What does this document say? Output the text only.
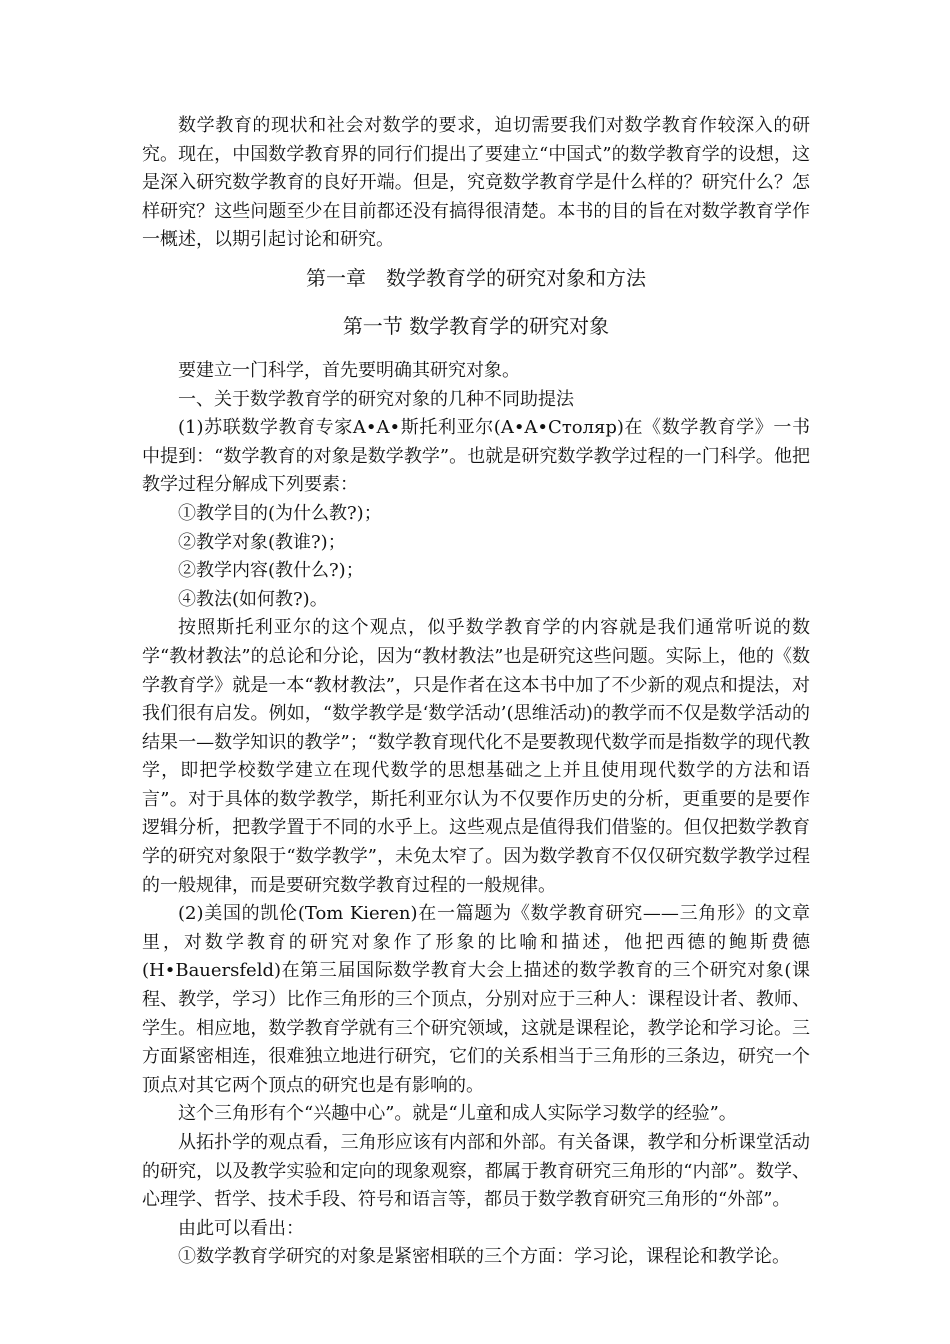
数学教育的现状和社会对数学的要求，迫切需要我们对数学教育作较深入的研究。现在，中国数学教育界的同行们提出了要建立“中国式”的数学教育学的设想，这是深入研究数学教育的良好开端。但是，究竟数学教育学是什么样的？研究什么？怎样研究？这些问题至少在目前都还没有搞得很清楚。本书的目的旨在对数学教育学作一概述，以期引起讨论和研究。

第一章　数学教育学的研究对象和方法
第一节 数学教育学的研究对象

要建立一门科学，首先要明确其研究对象。

一、关于数学教育学的研究对象的几种不同助提法

(1)苏联数学教育专家A•A•斯托利亚尔(A•A•Столяр)在《数学教育学》一书中提到：“数学教育的对象是数学教学”。也就是研究数学教学过程的一门科学。他把教学过程分解成下列要素：

①教学目的(为什么教?)；

②教学对象(教谁?)；

②教学内容(教什么?)；

④教法(如何教?)。

按照斯托利亚尔的这个观点，似乎数学教育学的内容就是我们通常听说的数学“教材教法”的总论和分论，因为“教材教法”也是研究这些问题。实际上，他的《数学教育学》就是一本“教材教法”，只是作者在这本书中加了不少新的观点和提法，对我们很有启发。例如，“数学教学是‘数学活动’(思维活动)的教学而不仅是数学活动的结果一—数学知识的教学”；“数学教育现代化不是要教现代数学而是指数学的现代教学，即把学校数学建立在现代数学的思想基础之上并且使用现代数学的方法和语言”。对于具体的数学教学，斯托利亚尔认为不仅要作历史的分析，更重要的是要作逻辑分析，把教学置于不同的水乎上。这些观点是值得我们借鉴的。但仅把数学教育学的研究对象限于“数学教学”，未免太窄了。因为数学教育不仅仅研究数学教学过程的一般规律，而是要研究数学教育过程的一般规律。

(2)美国的凯伦(Tom Kieren)在一篇题为《数学教育研究——三角形》的文章里，对数学教育的研究对象作了形象的比喻和描述，他把西德的鲍斯费德(H•Bauersfeld)在第三届国际数学教育大会上描述的数学教育的三个研究对象(课程、教学，学习）比作三角形的三个顶点，分别对应于三种人：课程设计者、教师、学生。相应地，数学教育学就有三个研究领域，这就是课程论，教学论和学习论。三方面紧密相连，很难独立地进行研究，它们的关系相当于三角形的三条边，研究一个顶点对其它两个顶点的研究也是有影响的。

这个三角形有个“兴趣中心”。就是“儿童和成人实际学习数学的经验”。

从拓扑学的观点看，三角形应该有内部和外部。有关备课，教学和分析课堂活动的研究，以及教学实验和定向的现象观察，都属于教育研究三角形的“内部”。数学、心理学、哲学、技术手段、符号和语言等，都员于数学教育研究三角形的“外部”。

由此可以看出：

①数学教育学研究的对象是紧密相联的三个方面：学习论，课程论和教学论。
